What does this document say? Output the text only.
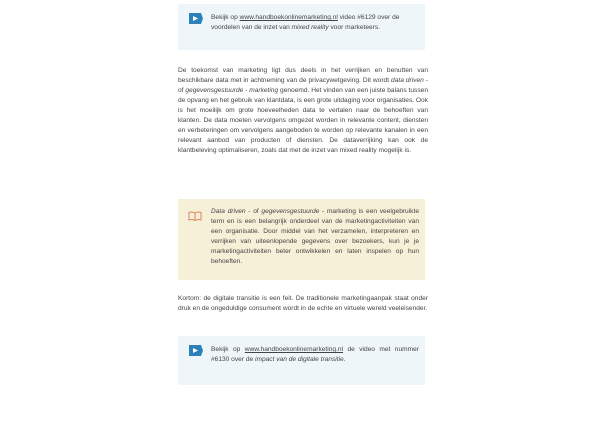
Bekijk op www.handboekonlinemarketing.nl video #6129 over de voordelen van de inzet van mixed reality voor marketeers.

De toekomst van marketing ligt dus deels in het verrijken en benutten van beschikbare data met in achtneming van de privacywetgeving. Dit wordt data driven - of gegevensgestuurde - marketing genoemd. Het vinden van een juiste balans tussen de opvang en het gebruik van klantdata, is een grote uitdaging voor organisaties. Ook is het moeilijk om grote hoeveelheden data te vertalen naar de behoeften van klanten. De data moeten vervolgens omgezet worden in relevante content, diensten en verbeteringen om vervolgens aangeboden te worden op relevante kanalen in een relevant aanbod van producten of diensten. De dataverrijking kan ook de klantbeleving optimaliseren, zoals dat met de inzet van mixed reality mogelijk is.

Data driven - of gegevensgestuurde - marketing is een veelgebruikte term en is een belangrijk onderdeel van de marketingactiviteiten van een organisatie. Door middel van het verzamelen, interpreteren en verrijken van uiteenlopende gegevens over bezoekers, kun je je marketingactiviteiten beter ontwikkelen en laten inspelen op hun behoeften.

Kortom: de digitale transitie is een feit. De traditionele marketingaanpak staat onder druk en de ongeduldige consument wordt in de echte en virtuele wereld veeleisender.

Bekijk op www.handboekonlinemarketing.nl de video met nummer #6130 over de impact van de digitale transitie.
